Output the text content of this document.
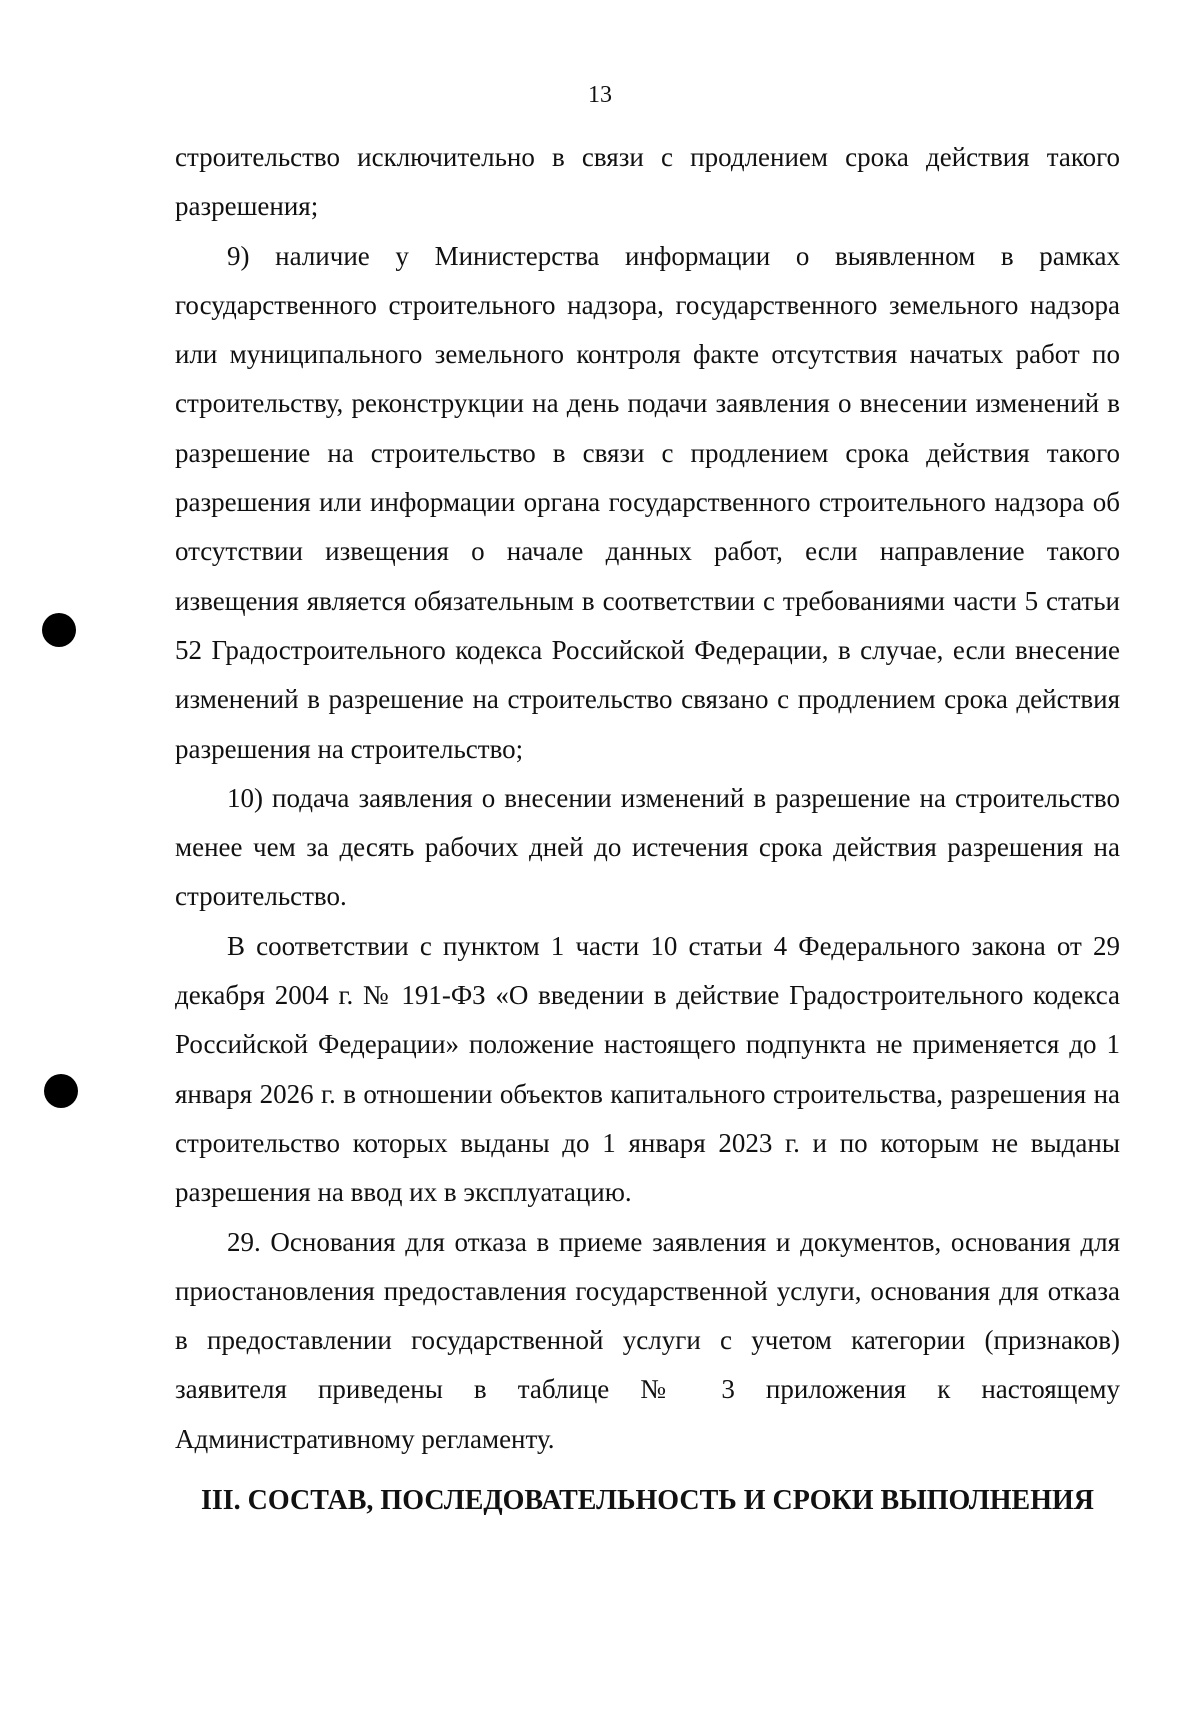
13

строительство исключительно в связи с продлением срока действия такого разрешения;

9) наличие у Министерства информации о выявленном в рамках государственного строительного надзора, государственного земельного надзора или муниципального земельного контроля факте отсутствия начатых работ по строительству, реконструкции на день подачи заявления о внесении изменений в разрешение на строительство в связи с продлением срока действия такого разрешения или информации органа государственного строительного надзора об отсутствии извещения о начале данных работ, если направление такого извещения является обязательным в соответствии с требованиями части 5 статьи 52 Градостроительного кодекса Российской Федерации, в случае, если внесение изменений в разрешение на строительство связано с продлением срока действия разрешения на строительство;

10) подача заявления о внесении изменений в разрешение на строительство менее чем за десять рабочих дней до истечения срока действия разрешения на строительство.

В соответствии с пунктом 1 части 10 статьи 4 Федерального закона от 29 декабря 2004 г. № 191-ФЗ «О введении в действие Градостроительного кодекса Российской Федерации» положение настоящего подпункта не применяется до 1 января 2026 г. в отношении объектов капитального строительства, разрешения на строительство которых выданы до 1 января 2023 г. и по которым не выданы разрешения на ввод их в эксплуатацию.

29. Основания для отказа в приеме заявления и документов, основания для приостановления предоставления государственной услуги, основания для отказа в предоставлении государственной услуги с учетом категории (признаков) заявителя приведены в таблице № 3 приложения к настоящему Административному регламенту.

III. СОСТАВ, ПОСЛЕДОВАТЕЛЬНОСТЬ И СРОКИ ВЫПОЛНЕНИЯ
